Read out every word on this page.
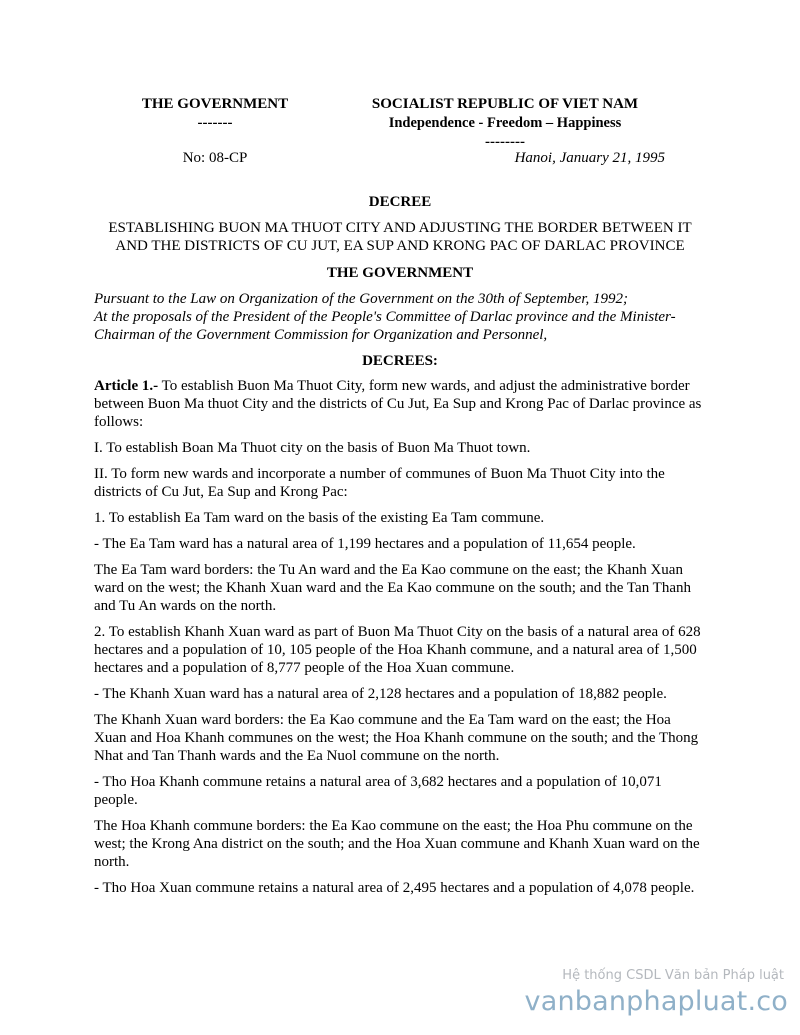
THE GOVERNMENT
-------
SOCIALIST REPUBLIC OF VIET NAM
Independence - Freedom – Happiness
--------
No: 08-CP	Hanoi, January 21, 1995
DECREE
ESTABLISHING BUON MA THUOT CITY AND ADJUSTING THE BORDER BETWEEN IT AND THE DISTRICTS OF CU JUT, EA SUP AND KRONG PAC OF DARLAC PROVINCE
THE GOVERNMENT
Pursuant to the Law on Organization of the Government on the 30th of September, 1992;
At the proposals of the President of the People's Committee of Darlac province and the Minister-Chairman of the Government Commission for Organization and Personnel,
DECREES:
Article 1.- To establish Buon Ma Thuot City, form new wards, and adjust the administrative border between Buon Ma thuot City and the districts of Cu Jut, Ea Sup and Krong Pac of Darlac province as follows:
I. To establish Boan Ma Thuot city on the basis of Buon Ma Thuot town.
II. To form new wards and incorporate a number of communes of Buon Ma Thuot City into the districts of Cu Jut, Ea Sup and Krong Pac:
1. To establish Ea Tam ward on the basis of the existing Ea Tam commune.
- The Ea Tam ward has a natural area of 1,199 hectares and a population of 11,654 people.
The Ea Tam ward borders: the Tu An ward and the Ea Kao commune on the east; the Khanh Xuan ward on the west; the Khanh Xuan ward and the Ea Kao commune on the south; and the Tan Thanh and Tu An wards on the north.
2. To establish Khanh Xuan ward as part of Buon Ma Thuot City on the basis of a natural area of 628 hectares and a population of 10, 105 people of the Hoa Khanh commune, and a natural area of 1,500 hectares and a population of 8,777 people of the Hoa Xuan commune.
- The Khanh Xuan ward has a natural area of 2,128 hectares and a population of 18,882 people.
The Khanh Xuan ward borders: the Ea Kao commune and the Ea Tam ward on the east; the Hoa Xuan and Hoa Khanh communes on the west; the Hoa Khanh commune on the south; and the Thong Nhat and Tan Thanh wards and the Ea Nuol commune on the north.
- Tho Hoa Khanh commune retains a natural area of 3,682 hectares and a population of 10,071 people.
The Hoa Khanh commune borders: the Ea Kao commune on the east; the Hoa Phu commune on the west; the Krong Ana district on the south; and the Hoa Xuan commune and Khanh Xuan ward on the north.
- Tho Hoa Xuan commune retains a natural area of 2,495 hectares and a population of 4,078 people.
Hệ thống CSDL Văn bản Pháp luật
vanbanphapluat.co
